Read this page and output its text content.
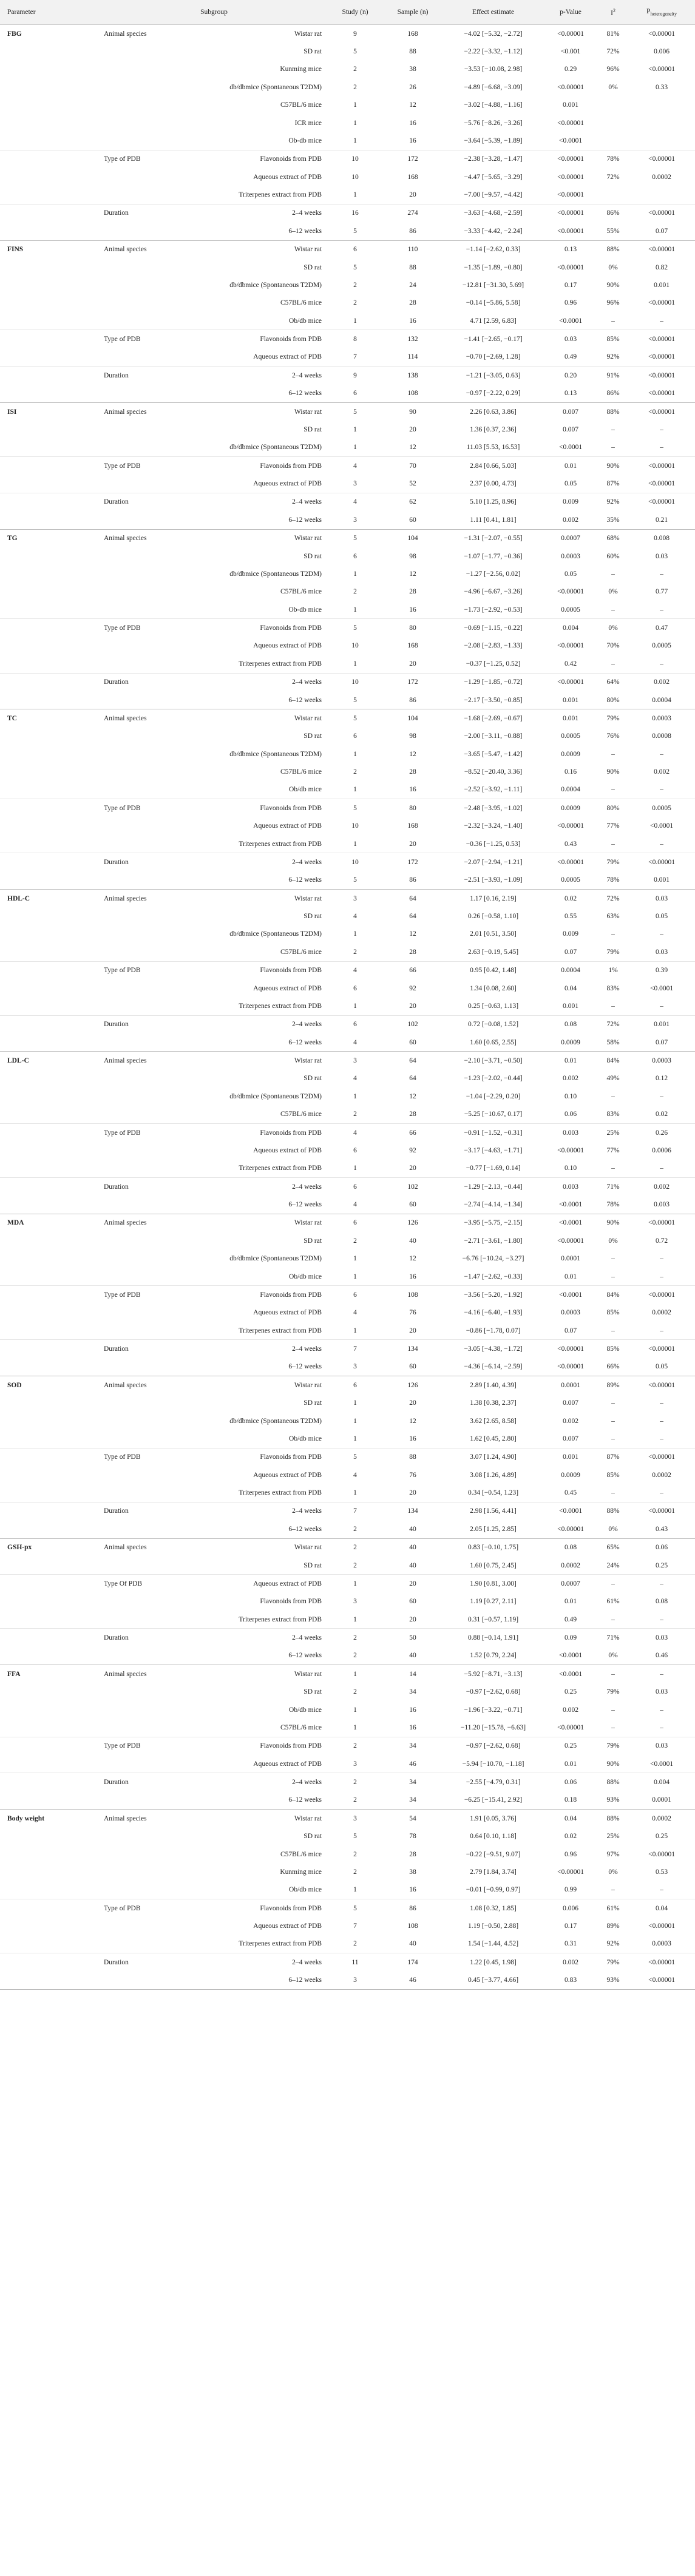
Parameter	Subgroup		Study (n)	Sample (n)	Effect estimate	p-Value	$I^2$	$P_{heterogeneity}$
FBG	Animal species	Wistar rat	9	168	−4.02 [−5.32, −2.72]	<0.00001	81%	<0.00001
		SD rat	5	88	−2.22 [−3.32, −1.12]	<0.001	72%	0.006
		Kunming mice	2	38	−3.53 [−10.08, 2.98]	0.29	96%	<0.00001
		db/dbmice (Spontaneous T2DM)	2	26	−4.89 [−6.68, −3.09]	<0.00001	0%	0.33
		C57BL/6 mice	1	12	−3.02 [−4.88, −1.16]	0.001		
		ICR mice	1	16	−5.76 [−8.26, −3.26]	<0.00001		
		Ob-db mice	1	16	−3.64 [−5.39, −1.89]	<0.0001		
	Type of PDB	Flavonoids from PDB	10	172	−2.38 [−3.28, −1.47]	<0.00001	78%	<0.00001
		Aqueous extract of PDB	10	168	−4.47 [−5.65, −3.29]	<0.00001	72%	0.0002
		Triterpenes extract from PDB	1	20	−7.00 [−9.57, −4.42]	<0.00001		
	Duration	2–4 weeks	16	274	−3.63 [−4.68, −2.59]	<0.00001	86%	<0.00001
		6–12 weeks	5	86	−3.33 [−4.42, −2.24]	<0.00001	55%	0.07
FINS	Animal species	Wistar rat	6	110	−1.14 [−2.62, 0.33]	0.13	88%	<0.00001
		SD rat	5	88	−1.35 [−1.89, −0.80]	<0.00001	0%	0.82
		db/dbmice (Spontaneous T2DM)	2	24	−12.81 [−31.30, 5.69]	0.17	90%	0.001
		C57BL/6 mice	2	28	−0.14 [−5.86, 5.58]	0.96	96%	<0.00001
		Ob/db mice	1	16	4.71 [2.59, 6.83]	<0.0001	–	–
	Type of PDB	Flavonoids from PDB	8	132	−1.41 [−2.65, −0.17]	0.03	85%	<0.00001
		Aqueous extract of PDB	7	114	−0.70 [−2.69, 1.28]	0.49	92%	<0.00001
	Duration	2–4 weeks	9	138	−1.21 [−3.05, 0.63]	0.20	91%	<0.00001
		6–12 weeks	6	108	−0.97 [−2.22, 0.29]	0.13	86%	<0.00001
ISI	Animal species	Wistar rat	5	90	2.26 [0.63, 3.86]	0.007	88%	<0.00001
		SD rat	1	20	1.36 [0.37, 2.36]	0.007	–	–
		db/dbmice (Spontaneous T2DM)	1	12	11.03 [5.53, 16.53]	<0.0001	–	–
	Type of PDB	Flavonoids from PDB	4	70	2.84 [0.66, 5.03]	0.01	90%	<0.00001
		Aqueous extract of PDB	3	52	2.37 [0.00, 4.73]	0.05	87%	<0.00001
	Duration	2–4 weeks	4	62	5.10 [1.25, 8.96]	0.009	92%	<0.00001
		6–12 weeks	3	60	1.11 [0.41, 1.81]	0.002	35%	0.21
TG	Animal species	Wistar rat	5	104	−1.31 [−2.07, −0.55]	0.0007	68%	0.008
		SD rat	6	98	−1.07 [−1.77, −0.36]	0.0003	60%	0.03
		db/dbmice (Spontaneous T2DM)	1	12	−1.27 [−2.56, 0.02]	0.05	–	–
		C57BL/6 mice	2	28	−4.96 [−6.67, −3.26]	<0.00001	0%	0.77
		Ob-db mice	1	16	−1.73 [−2.92, −0.53]	0.0005	–	–
	Type of PDB	Flavonoids from PDB	5	80	−0.69 [−1.15, −0.22]	0.004	0%	0.47
		Aqueous extract of PDB	10	168	−2.08 [−2.83, −1.33]	<0.00001	70%	0.0005
		Triterpenes extract from PDB	1	20	−0.37 [−1.25, 0.52]	0.42	–	–
	Duration	2–4 weeks	10	172	−1.29 [−1.85, −0.72]	<0.00001	64%	0.002
		6–12 weeks	5	86	−2.17 [−3.50, −0.85]	0.001	80%	0.0004
TC	Animal species	Wistar rat	5	104	−1.68 [−2.69, −0.67]	0.001	79%	0.0003
		SD rat	6	98	−2.00 [−3.11, −0.88]	0.0005	76%	0.0008
		db/dbmice (Spontaneous T2DM)	1	12	−3.65 [−5.47, −1.42]	0.0009	–	–
		C57BL/6 mice	2	28	−8.52 [−20.40, 3.36]	0.16	90%	0.002
		Ob/db mice	1	16	−2.52 [−3.92, −1.11]	0.0004	–	–
	Type of PDB	Flavonoids from PDB	5	80	−2.48 [−3.95, −1.02]	0.0009	80%	0.0005
		Aqueous extract of PDB	10	168	−2.32 [−3.24, −1.40]	<0.00001	77%	<0.0001
		Triterpenes extract from PDB	1	20	−0.36 [−1.25, 0.53]	0.43	–	–
	Duration	2–4 weeks	10	172	−2.07 [−2.94, −1.21]	<0.00001	79%	<0.00001
		6–12 weeks	5	86	−2.51 [−3.93, −1.09]	0.0005	78%	0.001
HDL-C	Animal species	Wistar rat	3	64	1.17 [0.16, 2.19]	0.02	72%	0.03
		SD rat	4	64	0.26 [−0.58, 1.10]	0.55	63%	0.05
		db/dbmice (Spontaneous T2DM)	1	12	2.01 [0.51, 3.50]	0.009	–	–
		C57BL/6 mice	2	28	2.63 [−0.19, 5.45]	0.07	79%	0.03
	Type of PDB	Flavonoids from PDB	4	66	0.95 [0.42, 1.48]	0.0004	1%	0.39
		Aqueous extract of PDB	6	92	1.34 [0.08, 2.60]	0.04	83%	<0.0001
		Triterpenes extract from PDB	1	20	0.25 [−0.63, 1.13]	0.001	–	–
	Duration	2–4 weeks	6	102	0.72 [−0.08, 1.52]	0.08	72%	0.001
		6–12 weeks	4	60	1.60 [0.65, 2.55]	0.0009	58%	0.07
LDL-C	Animal species	Wistar rat	3	64	−2.10 [−3.71, −0.50]	0.01	84%	0.0003
		SD rat	4	64	−1.23 [−2.02, −0.44]	0.002	49%	0.12
		db/dbmice (Spontaneous T2DM)	1	12	−1.04 [−2.29, 0.20]	0.10	–	–
		C57BL/6 mice	2	28	−5.25 [−10.67, 0.17]	0.06	83%	0.02
	Type of PDB	Flavonoids from PDB	4	66	−0.91 [−1.52, −0.31]	0.003	25%	0.26
		Aqueous extract of PDB	6	92	−3.17 [−4.63, −1.71]	<0.00001	77%	0.0006
		Triterpenes extract from PDB	1	20	−0.77 [−1.69, 0.14]	0.10	–	–
	Duration	2–4 weeks	6	102	−1.29 [−2.13, −0.44]	0.003	71%	0.002
		6–12 weeks	4	60	−2.74 [−4.14, −1.34]	<0.0001	78%	0.003
MDA	Animal species	Wistar rat	6	126	−3.95 [−5.75, −2.15]	<0.0001	90%	<0.00001
		SD rat	2	40	−2.71 [−3.61, −1.80]	<0.00001	0%	0.72
		db/dbmice (Spontaneous T2DM)	1	12	−6.76 [−10.24, −3.27]	0.0001	–	–
		Ob/db mice	1	16	−1.47 [−2.62, −0.33]	0.01	–	–
	Type of PDB	Flavonoids from PDB	6	108	−3.56 [−5.20, −1.92]	<0.0001	84%	<0.00001
		Aqueous extract of PDB	4	76	−4.16 [−6.40, −1.93]	0.0003	85%	0.0002
		Triterpenes extract from PDB	1	20	−0.86 [−1.78, 0.07]	0.07	–	–
	Duration	2–4 weeks	7	134	−3.05 [−4.38, −1.72]	<0.00001	85%	<0.00001
		6–12 weeks	3	60	−4.36 [−6.14, −2.59]	<0.00001	66%	0.05
SOD	Animal species	Wistar rat	6	126	2.89 [1.40, 4.39]	0.0001	89%	<0.00001
		SD rat	1	20	1.38 [0.38, 2.37]	0.007	–	–
		db/dbmice (Spontaneous T2DM)	1	12	3.62 [2.65, 8.58]	0.002	–	–
		Ob/db mice	1	16	1.62 [0.45, 2.80]	0.007	–	–
	Type of PDB	Flavonoids from PDB	5	88	3.07 [1.24, 4.90]	0.001	87%	<0.00001
		Aqueous extract of PDB	4	76	3.08 [1.26, 4.89]	0.0009	85%	0.0002
		Triterpenes extract from PDB	1	20	0.34 [−0.54, 1.23]	0.45	–	–
	Duration	2–4 weeks	7	134	2.98 [1.56, 4.41]	<0.0001	88%	<0.00001
		6–12 weeks	2	40	2.05 [1.25, 2.85]	<0.00001	0%	0.43
GSH-px	Animal species	Wistar rat	2	40	0.83 [−0.10, 1.75]	0.08	65%	0.06
		SD rat	2	40	1.60 [0.75, 2.45]	0.0002	24%	0.25
	Type Of PDB	Aqueous extract of PDB	1	20	1.90 [0.81, 3.00]	0.0007	–	–
		Flavonoids from PDB	3	60	1.19 [0.27, 2.11]	0.01	61%	0.08
		Triterpenes extract from PDB	1	20	0.31 [−0.57, 1.19]	0.49	–	–
	Duration	2–4 weeks	2	50	0.88 [−0.14, 1.91]	0.09	71%	0.03
		6–12 weeks	2	40	1.52 [0.79, 2.24]	<0.0001	0%	0.46
FFA	Animal species	Wistar rat	1	14	−5.92 [−8.71, −3.13]	<0.0001	–	–
		SD rat	2	34	−0.97 [−2.62, 0.68]	0.25	79%	0.03
		Ob/db mice	1	16	−1.96 [−3.22, −0.71]	0.002	–	–
		C57BL/6 mice	1	16	−11.20 [−15.78, −6.63]	<0.00001	–	–
	Type of PDB	Flavonoids from PDB	2	34	−0.97 [−2.62, 0.68]	0.25	79%	0.03
		Aqueous extract of PDB	3	46	−5.94 [−10.70, −1.18]	0.01	90%	<0.0001
	Duration	2–4 weeks	2	34	−2.55 [−4.79, 0.31]	0.06	88%	0.004
		6–12 weeks	2	34	−6.25 [−15.41, 2.92]	0.18	93%	0.0001
Body weight	Animal species	Wistar rat	3	54	1.91 [0.05, 3.76]	0.04	88%	0.0002
		SD rat	5	78	0.64 [0.10, 1.18]	0.02	25%	0.25
		C57BL/6 mice	2	28	−0.22 [−9.51, 9.07]	0.96	97%	<0.00001
		Kunming mice	2	38	2.79 [1.84, 3.74]	<0.00001	0%	0.53
		Ob/db mice	1	16	−0.01 [−0.99, 0.97]	0.99	–	–
	Type of PDB	Flavonoids from PDB	5	86	1.08 [0.32, 1.85]	0.006	61%	0.04
		Aqueous extract of PDB	7	108	1.19 [−0.50, 2.88]	0.17	89%	<0.00001
		Triterpenes extract from PDB	2	40	1.54 [−1.44, 4.52]	0.31	92%	0.0003
	Duration	2–4 weeks	11	174	1.22 [0.45, 1.98]	0.002	79%	<0.00001
		6–12 weeks	3	46	0.45 [−3.77, 4.66]	0.83	93%	<0.00001
